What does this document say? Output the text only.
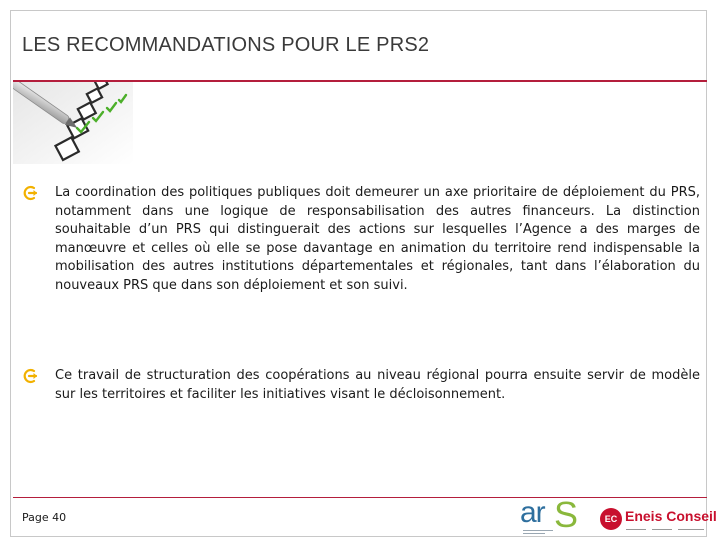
LES RECOMMANDATIONS POUR LE PRS2
La coordination des politiques publiques doit demeurer un axe prioritaire de déploiement du PRS, notamment dans une logique de responsabilisation des autres financeurs. La distinction souhaitable d’un PRS qui distinguerait des actions sur lesquelles l’Agence a des marges de manœuvre et celles où elle se pose davantage en animation du territoire rend indispensable la mobilisation des autres institutions départementales et régionales, tant dans l’élaboration du nouveaux PRS que dans son déploiement et son suivi.
Ce travail de structuration des coopérations au niveau régional pourra ensuite servir de modèle sur les territoires et faciliter les initiatives visant le décloisonnement.
Page 40	ar S	EC Eneis Conseil
